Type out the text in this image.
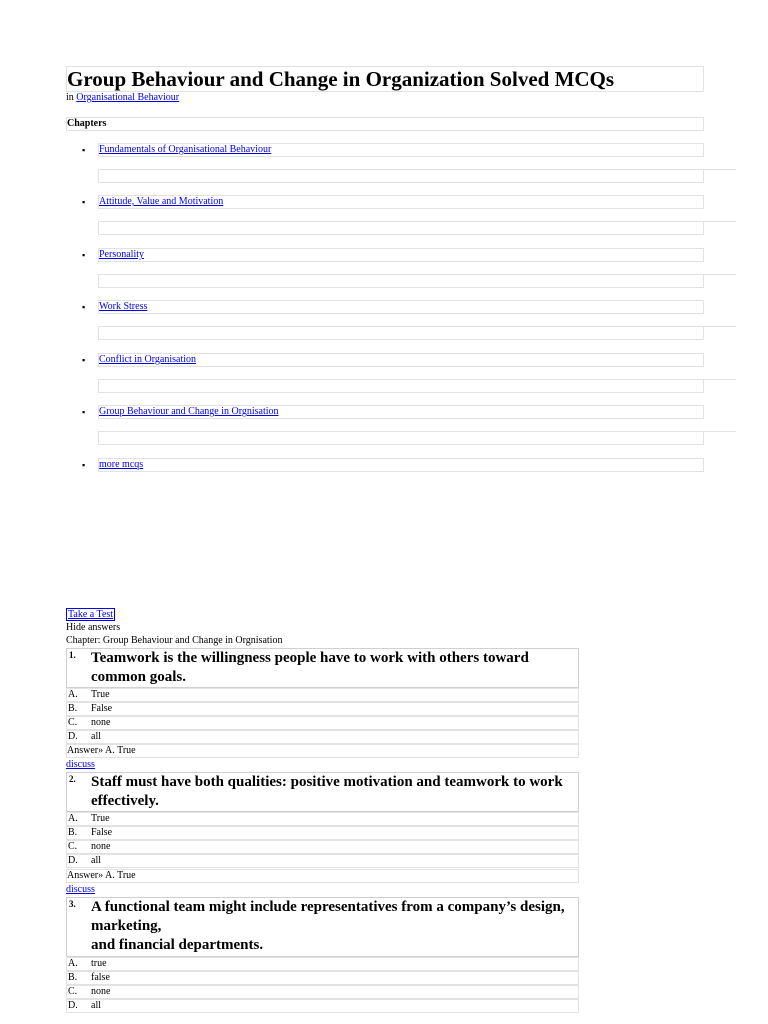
Group Behaviour and Change in Organization Solved MCQs
in Organisational Behaviour
Chapters
▪ Fundamentals of Organisational Behaviour
▪ Attitude, Value and Motivation
▪ Personality
▪ Work Stress
▪ Conflict in Organisation
▪ Group Behaviour and Change in Orgnisation
▪ more mcqs
Take a Test
Hide answers
Chapter: Group Behaviour and Change in Orgnisation
1. Teamwork is the willingness people have to work with others toward common goals.
A. True
B. False
C. none
D. all
Answer» A. True
discuss
2. Staff must have both qualities: positive motivation and teamwork to work effectively.
A. True
B. False
C. none
D. all
Answer» A. True
discuss
3. A functional team might include representatives from a company’s design, marketing,
and financial departments.
A. true
B. false
C. none
D. all
